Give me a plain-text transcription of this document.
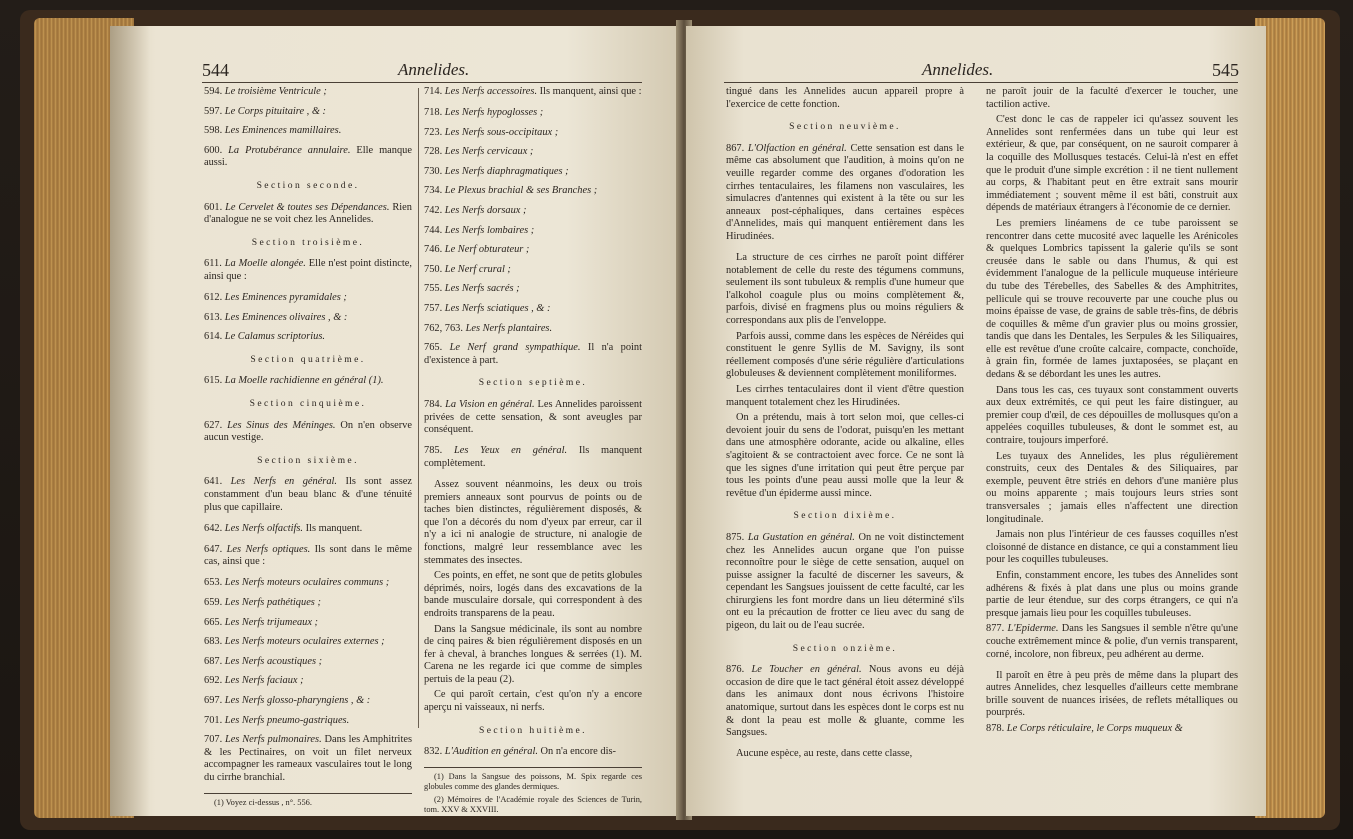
544	Annelides.

594. Le troisième Ventricule ;

597. Le Corps pituitaire , & :

598. Les Eminences mamillaires.

600. La Protubérance annulaire. Elle manque aussi.

Section seconde.

601. Le Cervelet & toutes ses Dépendances. Rien d'analogue ne se voit chez les Annelides.

Section troisième.

611. La Moelle alongée. Elle n'est point distincte, ainsi que :

612. Les Eminences pyramidales ;

613. Les Eminences olivaires , & :

614. Le Calamus scriptorius.

Section quatrième.

615. La Moelle rachidienne en général (1).

Section cinquième.

627. Les Sinus des Méninges. On n'en observe aucun vestige.

Section sixième.

641. Les Nerfs en général. Ils sont assez constamment d'un beau blanc & d'une ténuité plus que capillaire.

642. Les Nerfs olfactifs. Ils manquent.

647. Les Nerfs optiques. Ils sont dans le même cas, ainsi que :

653. Les Nerfs moteurs oculaires communs ;

659. Les Nerfs pathétiques ;

665. Les Nerfs trijumeaux ;

683. Les Nerfs moteurs oculaires externes ;

687. Les Nerfs acoustiques ;

692. Les Nerfs faciaux ;

697. Les Nerfs glosso-pharyngiens , & :

701. Les Nerfs pneumo-gastriques.

707. Les Nerfs pulmonaires. Dans les Amphitrites & les Pectinaires, on voit un filet nerveux accompagner les rameaux vasculaires tout le long du cirrhe branchial.

(1) Voyez ci-dessus , n°. 556.

714. Les Nerfs accessoires. Ils manquent, ainsi que :

718. Les Nerfs hypoglosses ;

723. Les Nerfs sous-occipitaux ;

728. Les Nerfs cervicaux ;

730. Les Nerfs diaphragmatiques ;

734. Le Plexus brachial & ses Branches ;

742. Les Nerfs dorsaux ;

744. Les Nerfs lombaires ;

746. Le Nerf obturateur ;

750. Le Nerf crural ;

755. Les Nerfs sacrés ;

757. Les Nerfs sciatiques , & :

762, 763. Les Nerfs plantaires.

765. Le Nerf grand sympathique. Il n'a point d'existence à part.

Section septième.

784. La Vision en général. Les Annelides paroissent privées de cette sensation, & sont aveugles par conséquent.

785. Les Yeux en général. Ils manquent complètement.

Assez souvent néanmoins, les deux ou trois premiers anneaux sont pourvus de points ou de taches bien distinctes, régulièrement disposés, & que l'on a décorés du nom d'yeux par erreur, car il n'y a ici ni analogie de structure, ni analogie de fonctions, malgré leur ressemblance avec les stemmates des insectes.

Ces points, en effet, ne sont que de petits globules déprimés, noirs, logés dans des excavations de la bande musculaire dorsale, qui correspondent à des endroits transparens de la peau.

Dans la Sangsue médicinale, ils sont au nombre de cinq paires & bien régulièrement disposés en un fer à cheval, à branches longues & serrées (1). M. Carena ne les regarde ici que comme de simples pertuis de la peau (2).

Ce qui paroît certain, c'est qu'on n'y a encore aperçu ni vaisseaux, ni nerfs.

Section huitième.

832. L'Audition en général. On n'a encore dis-

(1) Dans la Sangsue des poissons, M. Spix regarde ces globules comme des glandes dermiques.

(2) Mémoires de l'Académie royale des Sciences de Turin, tom. XXV & XXVIII.

Annelides.	545

tingué dans les Annelides aucun appareil propre à l'exercice de cette fonction.

Section neuvième.

867. L'Olfaction en général. Cette sensation est dans le même cas absolument que l'audition, à moins qu'on ne veuille regarder comme des organes d'odoration les cirrhes tentaculaires, les filamens non vasculaires, les simulacres d'antennes qui existent à la tête ou sur les anneaux post-céphaliques, dans certaines espèces d'Annelides, mais qui manquent entièrement dans les Hirudinées.

La structure de ces cirrhes ne paroît point différer notablement de celle du reste des tégumens communs, seulement ils sont tubuleux & remplis d'une humeur que l'alkohol coagule plus ou moins complètement &, parfois, divisé en fragmens plus ou moins réguliers & correspondans aux plis de l'enveloppe.

Parfois aussi, comme dans les espèces de Néréides qui constituent le genre Syllis de M. Savigny, ils sont réellement composés d'une série régulière d'articulations globuleuses & deviennent complètement moniliformes.

Les cirrhes tentaculaires dont il vient d'être question manquent totalement chez les Hirudinées.

On a prétendu, mais à tort selon moi, que celles-ci devoient jouir du sens de l'odorat, puisqu'en les mettant dans une atmosphère odorante, acide ou alkaline, elles s'agitoient & se contractoient avec force. Ce ne sont là que les signes d'une irritation qui peut être perçue par tous les points d'une peau aussi molle que la leur & revêtue d'un épiderme aussi mince.

Section dixième.

875. La Gustation en général. On ne voit distinctement chez les Annelides aucun organe que l'on puisse reconnoître pour le siège de cette sensation, auquel on puisse assigner la faculté de discerner les saveurs, & cependant les Sangsues jouissent de cette faculté, car les chirurgiens les font mordre dans un lieu déterminé s'ils ont eu la précaution de frotter ce lieu avec du sang de pigeon, du lait ou de l'eau sucrée.

Section onzième.

876. Le Toucher en général. Nous avons eu déjà occasion de dire que le tact général étoit assez développé dans les animaux dont nous écrivons l'histoire anatomique, surtout dans les espèces dont le corps est nu & dont la peau est molle & gluante, comme les Sangsues.

Aucune espèce, au reste, dans cette classe,

ne paroît jouir de la faculté d'exercer le toucher, une tactilion active.

C'est donc le cas de rappeler ici qu'assez souvent les Annelides sont renfermées dans un tube qui leur est extérieur, & que, par conséquent, on ne sauroit comparer à la coquille des Mollusques testacés. Celui-là n'est en effet que le produit d'une simple excrétion : il ne tient nullement au corps, & l'habitant peut en être extrait sans mourir immédiatement ; souvent même il est bâti, construit aux dépends de matériaux étrangers à l'économie de ce dernier.

Les premiers linéamens de ce tube paroissent se rencontrer dans cette mucosité avec laquelle les Arénicoles & quelques Lombrics tapissent la galerie qu'ils se sont creusée dans le sable ou dans l'humus, & qui est évidemment l'analogue de la pellicule muqueuse intérieure du tube des Térebelles, des Sabelles & des Amphitrites, pellicule qui se trouve recouverte par une couche plus ou moins épaisse de vase, de grains de sable très-fins, de débris de coquilles & même d'un gravier plus ou moins grossier, tandis que dans les Dentales, les Serpules & les Siliquaires, elle est revêtue d'une croûte calcaire, compacte, conchoïde, à grain fin, formée de lames juxtaposées, se plaçant en dedans & se débordant les unes les autres.

Dans tous les cas, ces tuyaux sont constamment ouverts aux deux extrémités, ce qui peut les faire distinguer, au premier coup d'œil, de ces dépouilles de mollusques qu'on a appelées coquilles tubuleuses, & dont le sommet est, au contraire, toujours imperforé.

Les tuyaux des Annelides, les plus régulièrement construits, ceux des Dentales & des Siliquaires, par exemple, peuvent être striés en dehors d'une manière plus ou moins apparente ; mais toujours leurs stries sont transversales ; jamais elles n'affectent une direction longitudinale.

Jamais non plus l'intérieur de ces fausses coquilles n'est cloisonné de distance en distance, ce qui a constamment lieu pour les coquilles tubuleuses.

Enfin, constamment encore, les tubes des Annelides sont adhérens & fixés à plat dans une plus ou moins grande partie de leur étendue, sur des corps étrangers, ce qui n'a presque jamais lieu pour les coquilles tubuleuses.

877. L'Epiderme. Dans les Sangsues il semble n'être qu'une couche extrêmement mince & polie, d'un vernis transparent, corné, incolore, non fibreux, peu adhérent au derme.

Il paroît en être à peu près de même dans la plupart des autres Annelides, chez lesquelles d'ailleurs cette membrane brille souvent de nuances irisées, de reflets métalliques ou pourprés.

878. Le Corps réticulaire, le Corps muqueux &
